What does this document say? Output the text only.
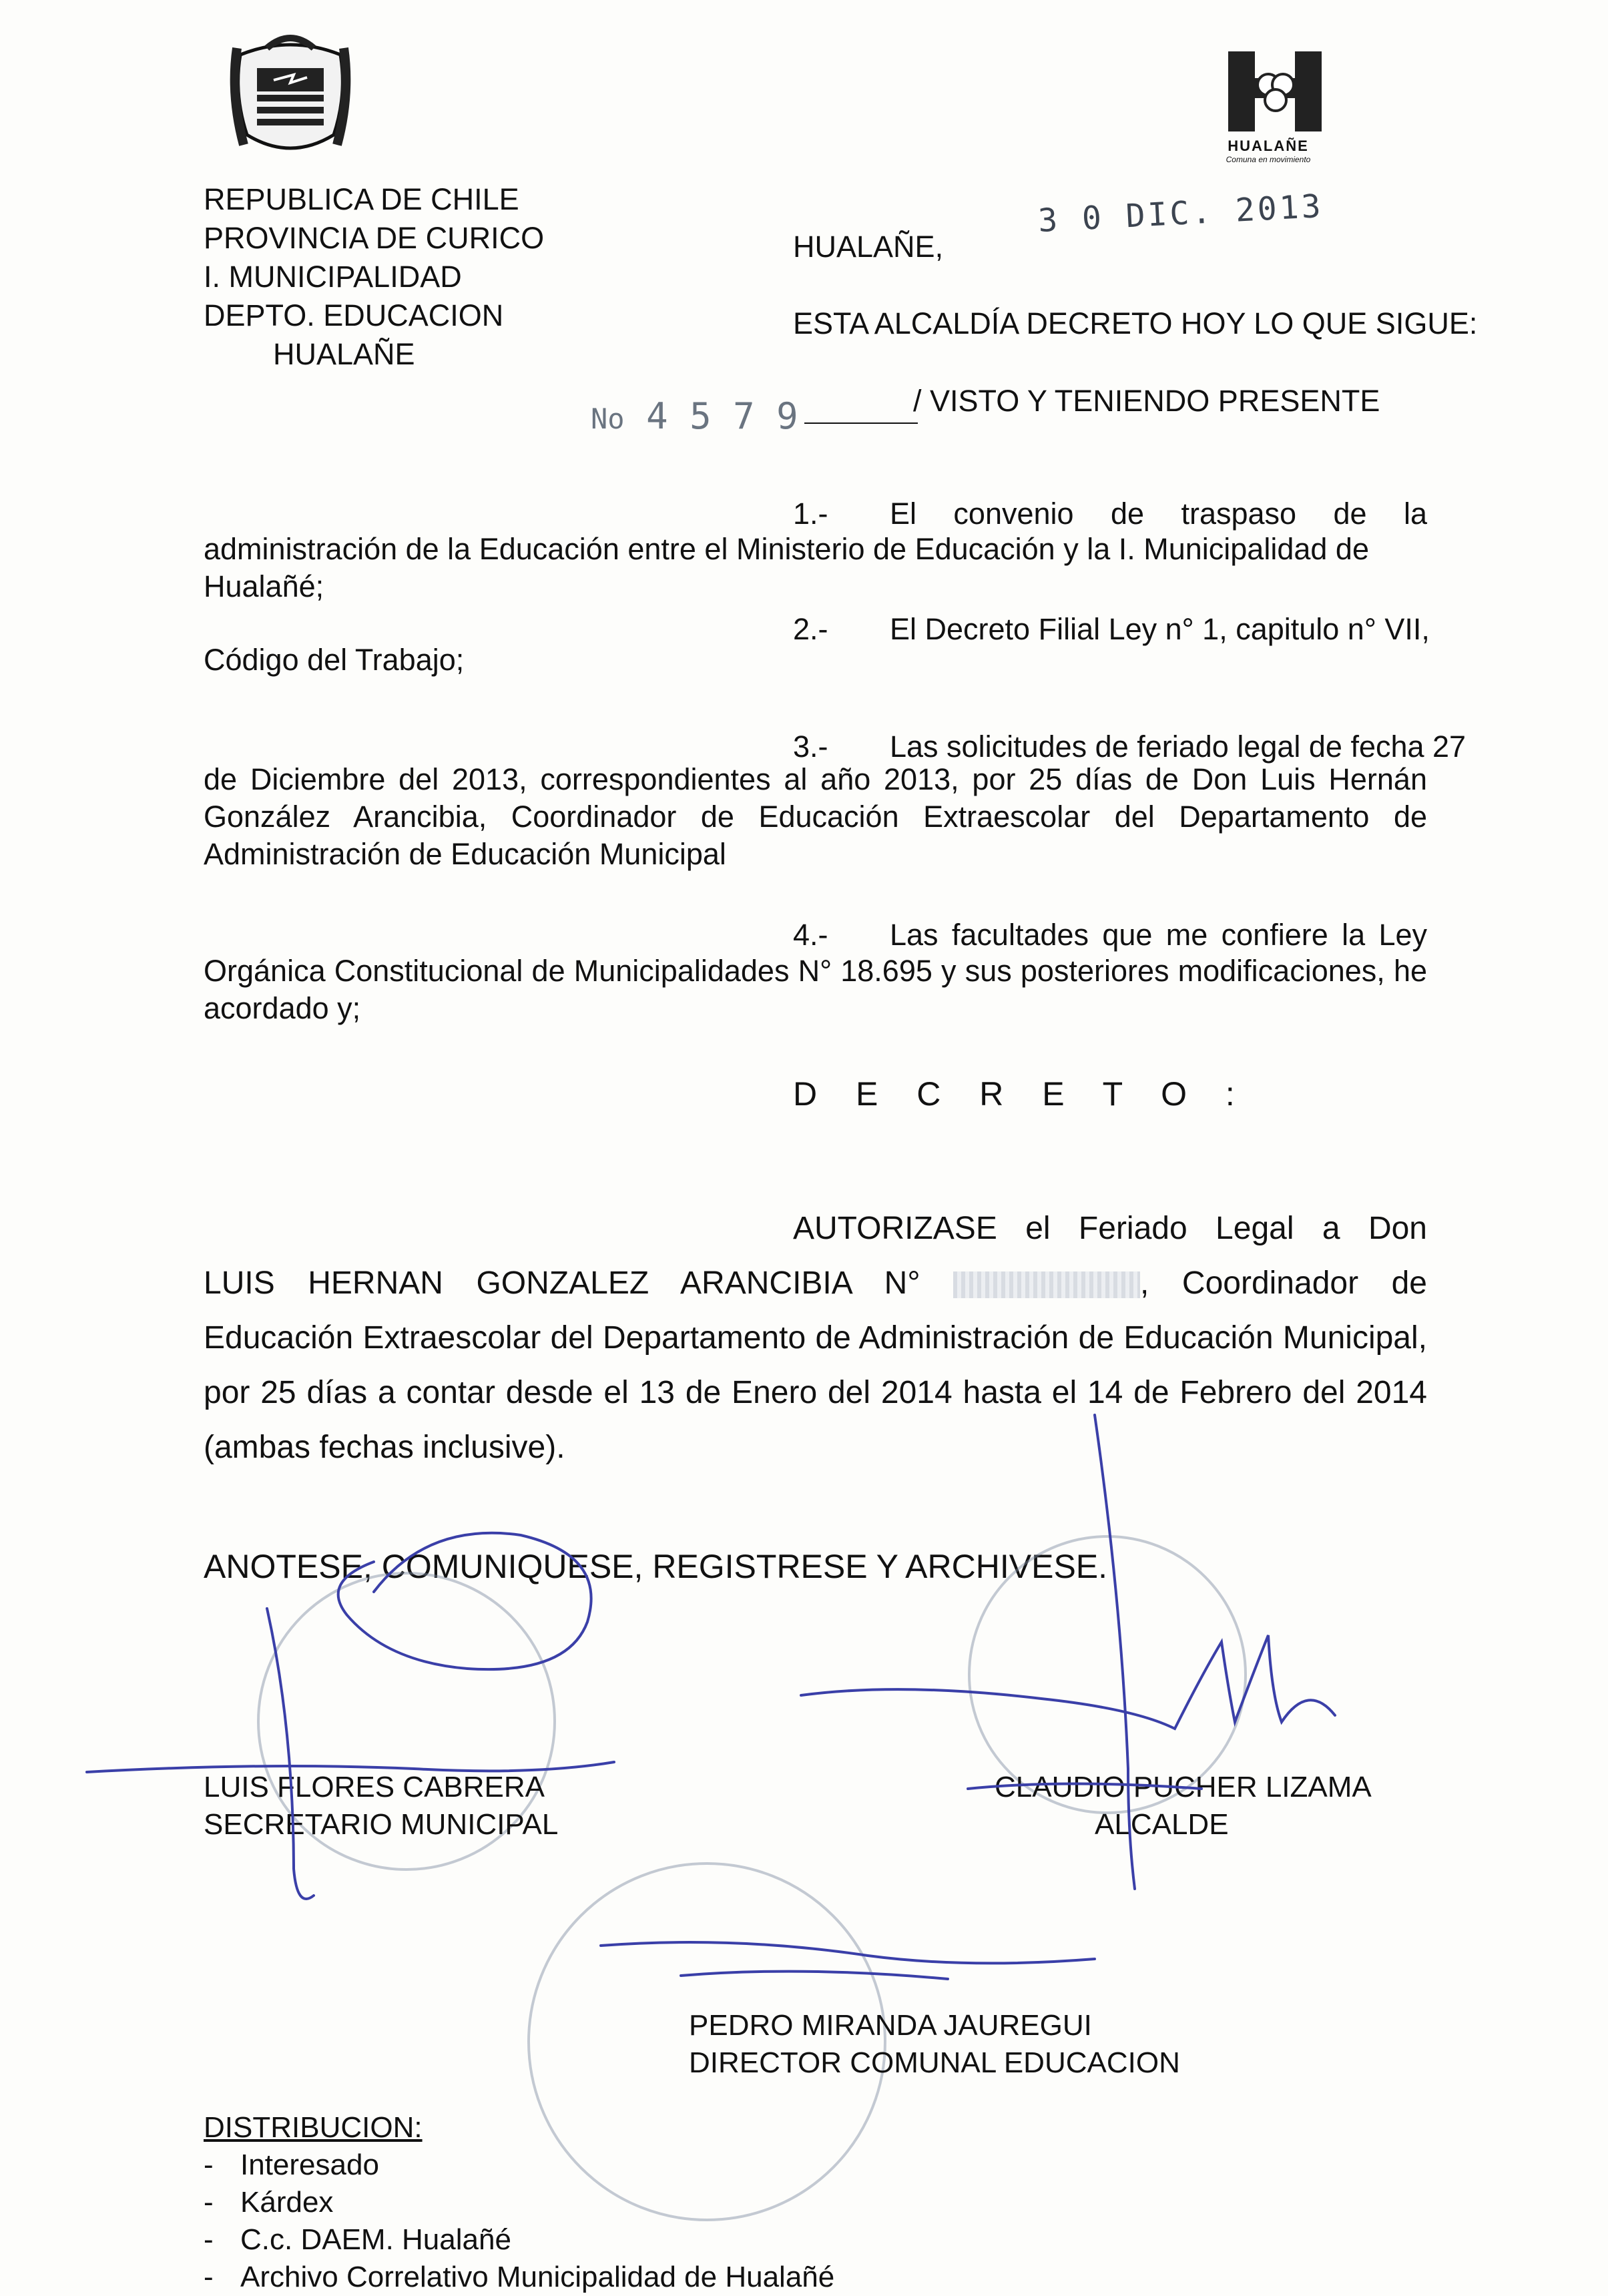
HUALAÑE
Comuna en movimiento
REPUBLICA DE CHILE
PROVINCIA DE CURICO
I. MUNICIPALIDAD
DEPTO. EDUCACION
HUALAÑE
HUALAÑE,
3 0 DIC. 2013
ESTA ALCALDÍA DECRETO HOY LO QUE SIGUE:
No 4 5 7 9	/ VISTO Y TENIENDO PRESENTE
1.- El convenio de traspaso de la
administración de la Educación entre el Ministerio de Educación y la I. Municipalidad de Hualañé;
2.- El Decreto Filial Ley n° 1, capitulo n° VII,
Código del Trabajo;
3.- Las solicitudes de feriado legal de fecha 27
de Diciembre del 2013, correspondientes al año 2013, por 25 días de Don Luis Hernán González Arancibia, Coordinador de Educación Extraescolar del Departamento de Administración de Educación Municipal
4.- Las facultades que me confiere la Ley
Orgánica Constitucional de Municipalidades N° 18.695 y sus posteriores modificaciones, he acordado y;
D E C R E T O :
AUTORIZASE el Feriado Legal a Don
LUIS HERNAN GONZALEZ ARANCIBIA N°	, Coordinador de
Educación Extraescolar del Departamento de Administración de Educación Municipal, por 25 días a contar desde el 13 de Enero del 2014 hasta el 14 de Febrero del 2014 (ambas fechas inclusive).
ANOTESE, COMUNIQUESE, REGISTRESE Y ARCHIVESE.
LUIS FLORES CABRERA
SECRETARIO MUNICIPAL
CLAUDIO PUCHER LIZAMA
ALCALDE
PEDRO MIRANDA JAUREGUI
DIRECTOR COMUNAL EDUCACION
DISTRIBUCION:
- Interesado
- Kárdex
- C.c. DAEM. Hualañé
- Archivo Correlativo Municipalidad de Hualañé
